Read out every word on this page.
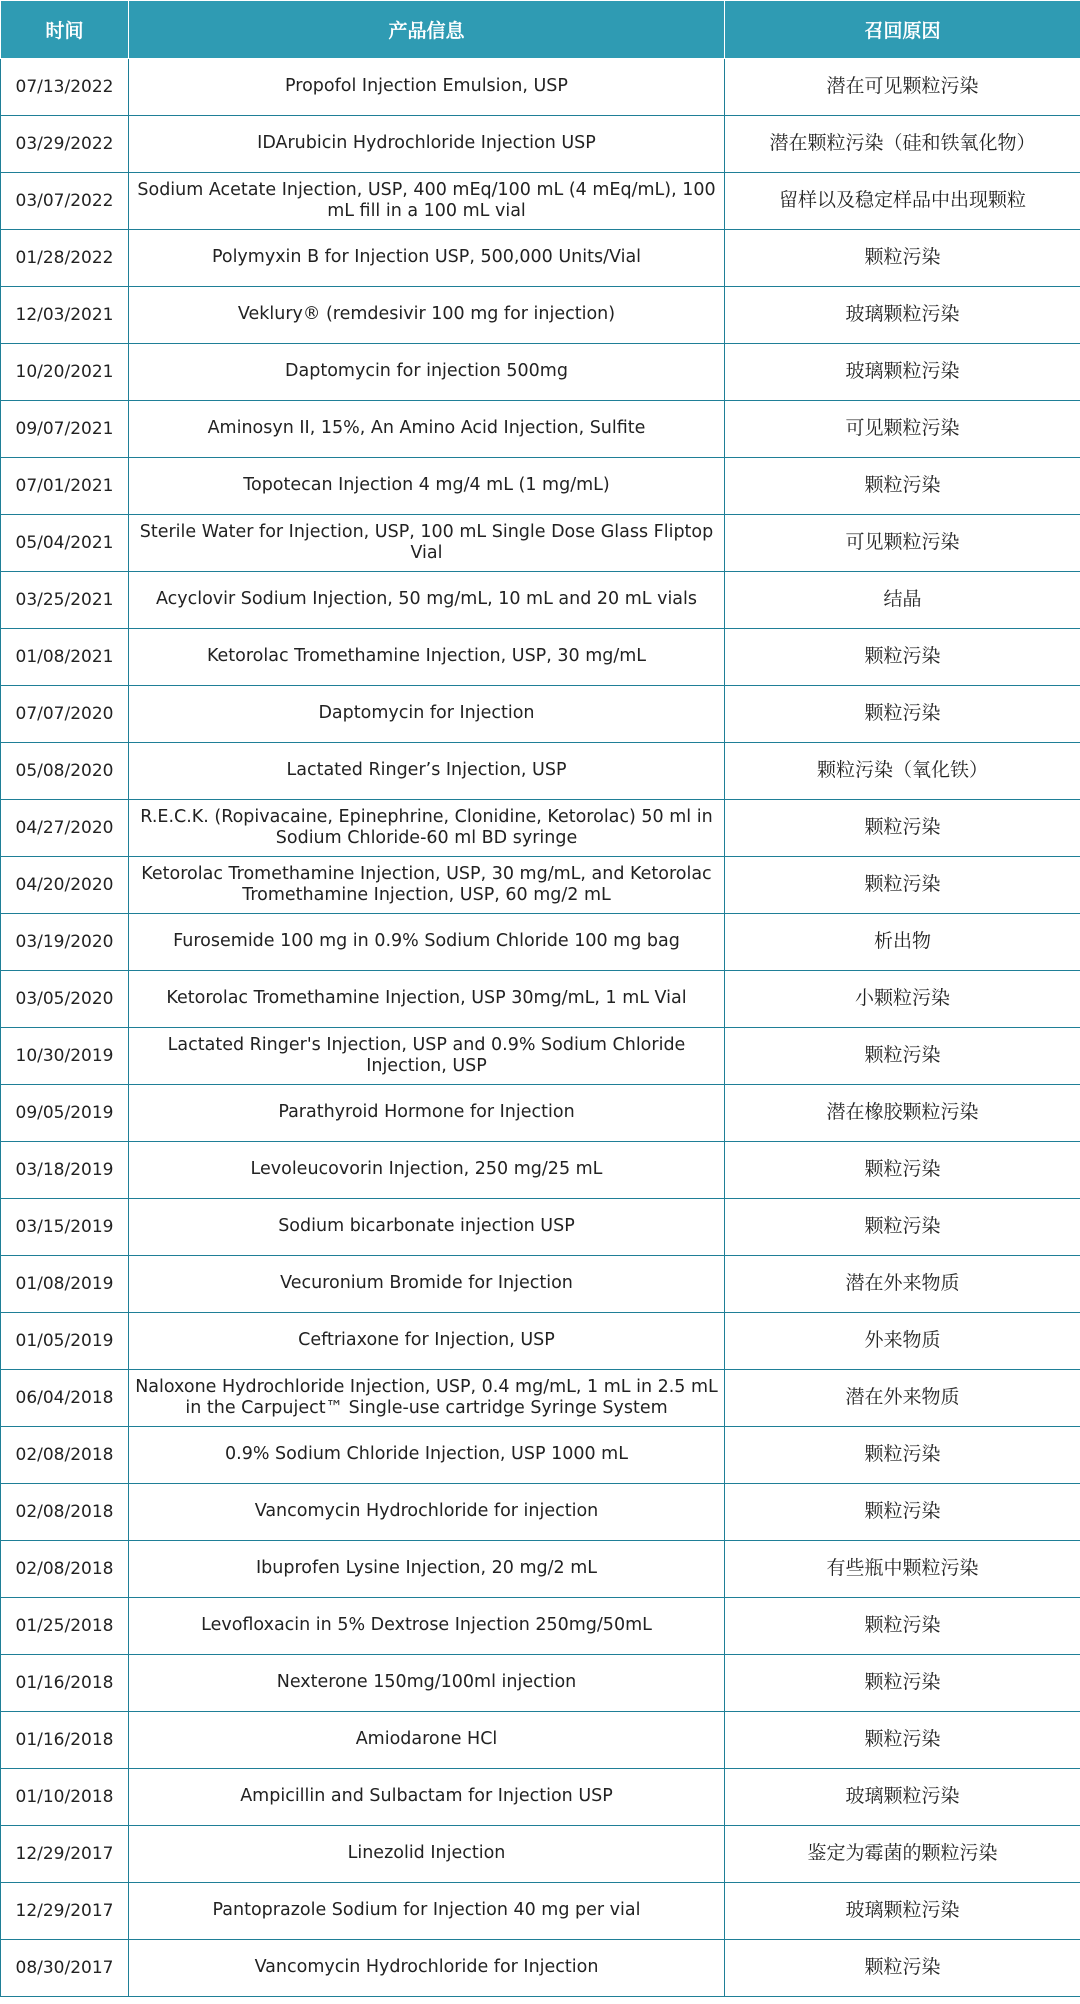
时间	产品信息	召回原因
07/13/2022	Propofol Injection Emulsion, USP	潜在可见颗粒污染
03/29/2022	IDArubicin Hydrochloride Injection USP	潜在颗粒污染（硅和铁氧化物）
03/07/2022	Sodium Acetate Injection, USP, 400 mEq/100 mL (4 mEq/mL), 100 mL fill in a 100 mL vial	留样以及稳定样品中出现颗粒
01/28/2022	Polymyxin B for Injection USP, 500,000 Units/Vial	颗粒污染
12/03/2021	Veklury® (remdesivir 100 mg for injection)	玻璃颗粒污染
10/20/2021	Daptomycin for injection 500mg	玻璃颗粒污染
09/07/2021	Aminosyn II, 15%, An Amino Acid Injection, Sulfite	可见颗粒污染
07/01/2021	Topotecan Injection 4 mg/4 mL (1 mg/mL)	颗粒污染
05/04/2021	Sterile Water for Injection, USP, 100 mL Single Dose Glass Fliptop Vial	可见颗粒污染
03/25/2021	Acyclovir Sodium Injection, 50 mg/mL, 10 mL and 20 mL vials	结晶
01/08/2021	Ketorolac Tromethamine Injection, USP, 30 mg/mL	颗粒污染
07/07/2020	Daptomycin for Injection	颗粒污染
05/08/2020	Lactated Ringer’s Injection, USP	颗粒污染（氧化铁）
04/27/2020	R.E.C.K. (Ropivacaine, Epinephrine, Clonidine, Ketorolac) 50 ml in Sodium Chloride-60 ml BD syringe	颗粒污染
04/20/2020	Ketorolac Tromethamine Injection, USP, 30 mg/mL, and Ketorolac Tromethamine Injection, USP, 60 mg/2 mL	颗粒污染
03/19/2020	Furosemide 100 mg in 0.9% Sodium Chloride 100 mg bag	析出物
03/05/2020	Ketorolac Tromethamine Injection, USP 30mg/mL, 1 mL Vial	小颗粒污染
10/30/2019	Lactated Ringer's Injection, USP and 0.9% Sodium Chloride Injection, USP	颗粒污染
09/05/2019	Parathyroid Hormone for Injection	潜在橡胶颗粒污染
03/18/2019	Levoleucovorin Injection, 250 mg/25 mL	颗粒污染
03/15/2019	Sodium bicarbonate injection USP	颗粒污染
01/08/2019	Vecuronium Bromide for Injection	潜在外来物质
01/05/2019	Ceftriaxone for Injection, USP	外来物质
06/04/2018	Naloxone Hydrochloride Injection, USP, 0.4 mg/mL, 1 mL in 2.5 mL in the Carpuject™ Single-use cartridge Syringe System	潜在外来物质
02/08/2018	0.9% Sodium Chloride Injection, USP 1000 mL	颗粒污染
02/08/2018	Vancomycin Hydrochloride for injection	颗粒污染
02/08/2018	Ibuprofen Lysine Injection, 20 mg/2 mL	有些瓶中颗粒污染
01/25/2018	Levofloxacin in 5% Dextrose Injection 250mg/50mL	颗粒污染
01/16/2018	Nexterone 150mg/100ml injection	颗粒污染
01/16/2018	Amiodarone HCl	颗粒污染
01/10/2018	Ampicillin and Sulbactam for Injection USP	玻璃颗粒污染
12/29/2017	Linezolid Injection	鉴定为霉菌的颗粒污染
12/29/2017	Pantoprazole Sodium for Injection 40 mg per vial	玻璃颗粒污染
08/30/2017	Vancomycin Hydrochloride for Injection	颗粒污染
